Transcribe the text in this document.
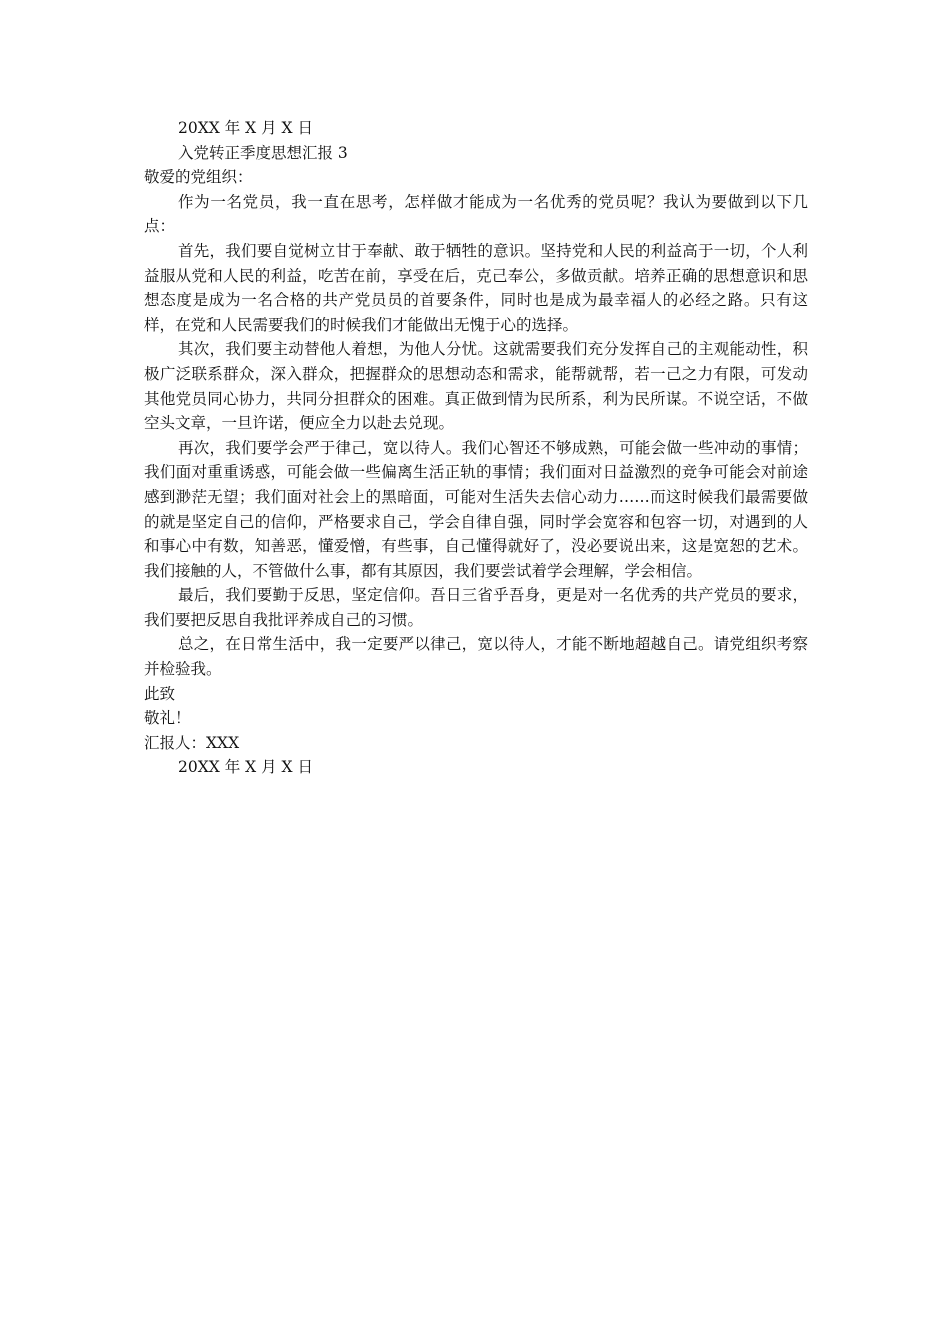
20XX 年 X 月 X 日
入党转正季度思想汇报 3
敬爱的党组织：

作为一名党员，我一直在思考，怎样做才能成为一名优秀的党员呢？我认为要做到以下几点：

首先，我们要自觉树立甘于奉献、敢于牺牲的意识。坚持党和人民的利益高于一切，个人利益服从党和人民的利益，吃苦在前，享受在后，克己奉公，多做贡献。培养正确的思想意识和思想态度是成为一名合格的共产党员员的首要条件，同时也是成为最幸福人的必经之路。只有这样，在党和人民需要我们的时候我们才能做出无愧于心的选择。

其次，我们要主动替他人着想，为他人分忧。这就需要我们充分发挥自己的主观能动性，积极广泛联系群众，深入群众，把握群众的思想动态和需求，能帮就帮，若一己之力有限，可发动其他党员同心协力，共同分担群众的困难。真正做到情为民所系，利为民所谋。不说空话，不做空头文章，一旦许诺，便应全力以赴去兑现。

再次，我们要学会严于律己，宽以待人。我们心智还不够成熟，可能会做一些冲动的事情；我们面对重重诱惑，可能会做一些偏离生活正轨的事情；我们面对日益激烈的竞争可能会对前途感到渺茫无望；我们面对社会上的黑暗面，可能对生活失去信心动力……而这时候我们最需要做的就是坚定自己的信仰，严格要求自己，学会自律自强，同时学会宽容和包容一切，对遇到的人和事心中有数，知善恶，懂爱憎，有些事，自己懂得就好了，没必要说出来，这是宽恕的艺术。我们接触的人，不管做什么事，都有其原因，我们要尝试着学会理解，学会相信。

最后，我们要勤于反思，坚定信仰。吾日三省乎吾身，更是对一名优秀的共产党员的要求，我们要把反思自我批评养成自己的习惯。

总之，在日常生活中，我一定要严以律己，宽以待人，才能不断地超越自己。请党组织考察并检验我。

此致
敬礼！
汇报人：XXX
20XX 年 X 月 X 日
